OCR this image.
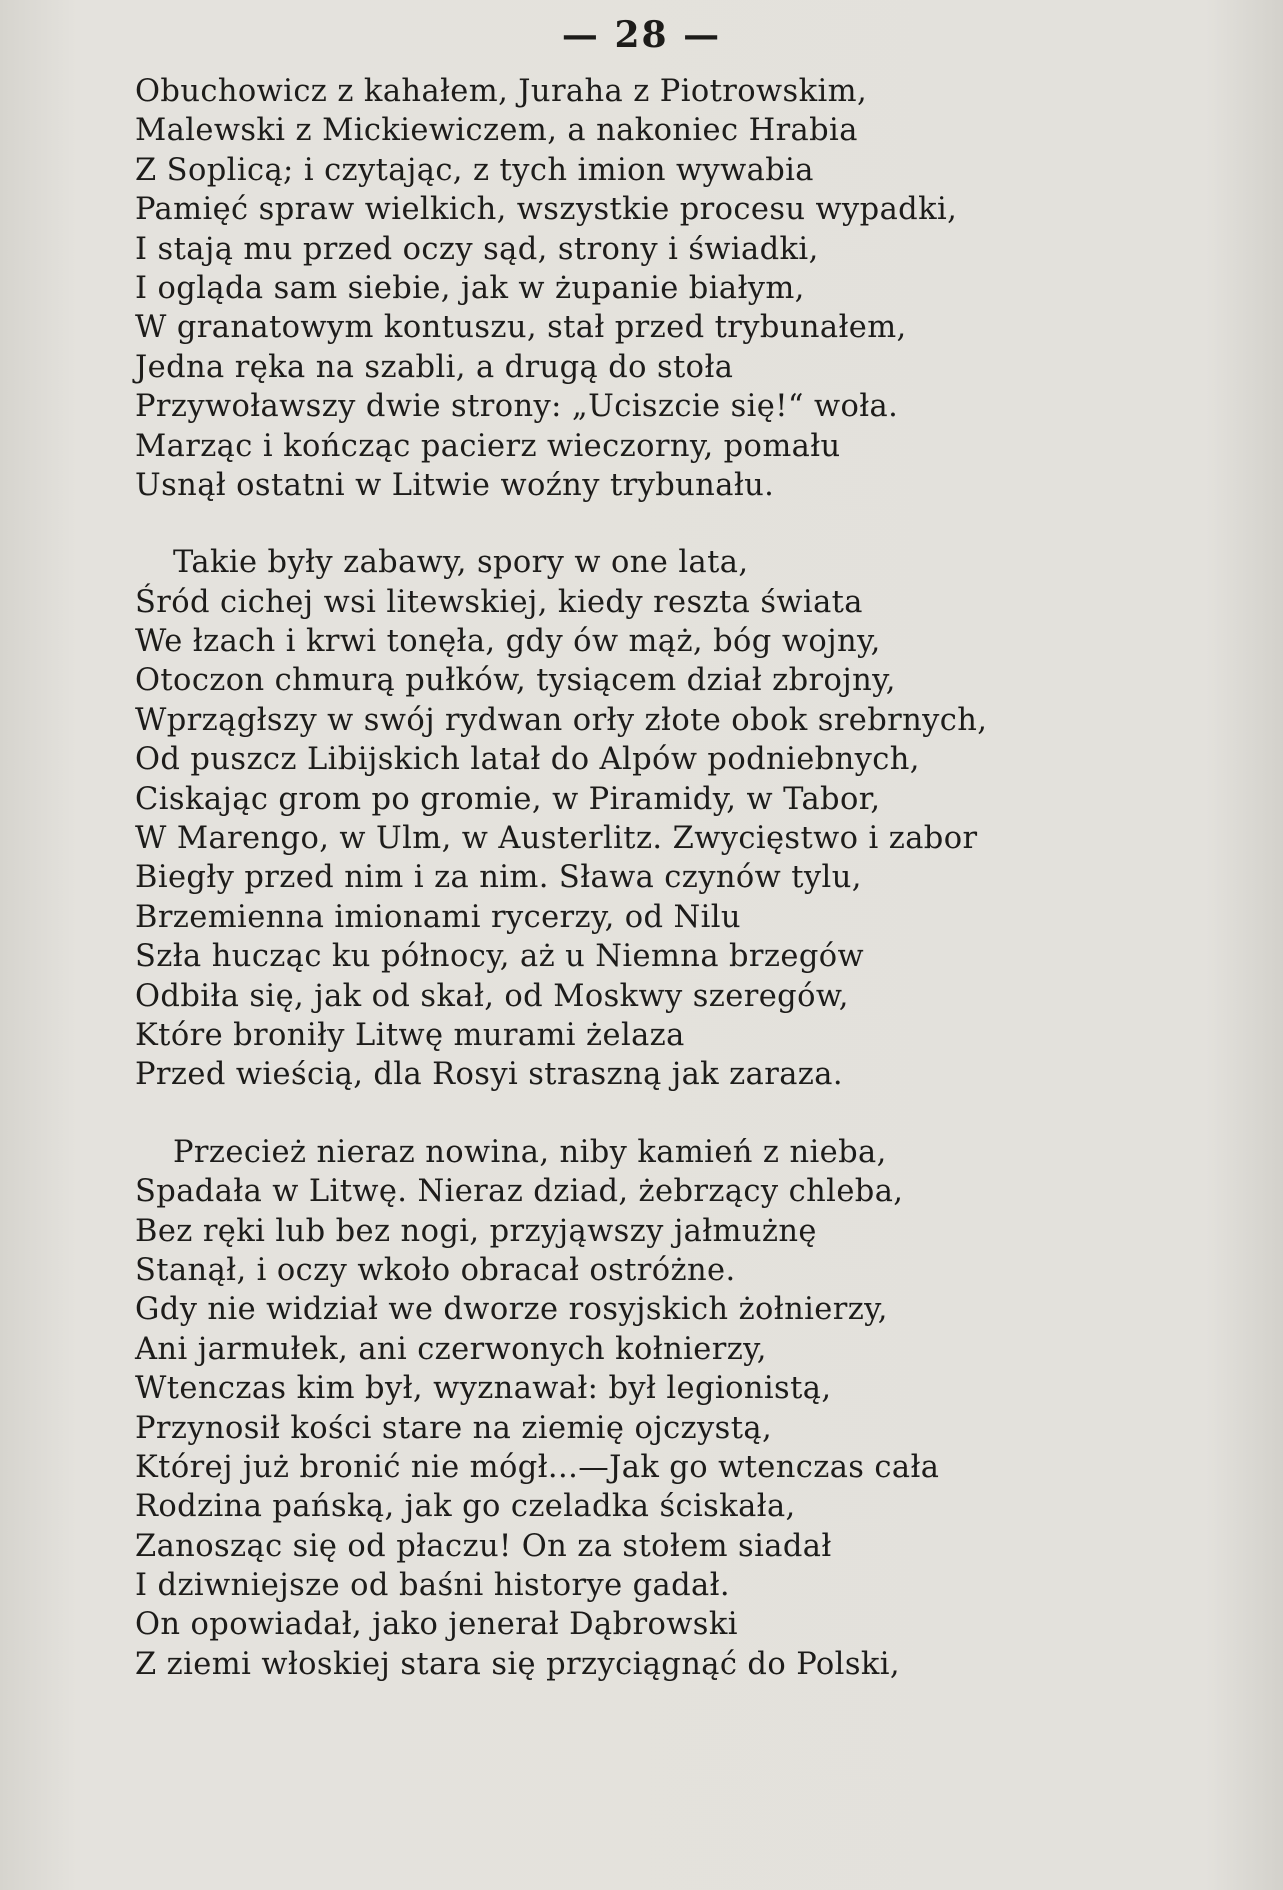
— 28 —
Obuchowicz z kahałem, Juraha z Piotrowskim,
Malewski z Mickiewiczem, a nakoniec Hrabia
Z Soplicą; i czytając, z tych imion wywabia
Pamięć spraw wielkich, wszystkie procesu wypadki,
I stają mu przed oczy sąd, strony i świadki,
I ogląda sam siebie, jak w żupanie białym,
W granatowym kontuszu, stał przed trybunałem,
Jedna ręka na szabli, a drugą do stoła
Przywoławszy dwie strony: „Uciszcie się!“ woła.
Marząc i kończąc pacierz wieczorny, pomału
Usnął ostatni w Litwie woźny trybunału.
Takie były zabawy, spory w one lata,
Śród cichej wsi litewskiej, kiedy reszta świata
We łzach i krwi tonęła, gdy ów mąż, bóg wojny,
Otoczon chmurą pułków, tysiącem dział zbrojny,
Wprzągłszy w swój rydwan orły złote obok srebrnych,
Od puszcz Libijskich latał do Alpów podniebnych,
Ciskając grom po gromie, w Piramidy, w Tabor,
W Marengo, w Ulm, w Austerlitz. Zwycięstwo i zabor
Biegły przed nim i za nim. Sława czynów tylu,
Brzemienna imionami rycerzy, od Nilu
Szła hucząc ku północy, aż u Niemna brzegów
Odbiła się, jak od skał, od Moskwy szeregów,
Które broniły Litwę murami żelaza
Przed wieścią, dla Rosyi straszną jak zaraza.
Przecież nieraz nowina, niby kamień z nieba,
Spadała w Litwę. Nieraz dziad, żebrzący chleba,
Bez ręki lub bez nogi, przyjąwszy jałmużnę
Stanął, i oczy wkoło obracał ostróżne.
Gdy nie widział we dworze rosyjskich żołnierzy,
Ani jarmułek, ani czerwonych kołnierzy,
Wtenczas kim był, wyznawał: był legionistą,
Przynosił kości stare na ziemię ojczystą,
Której już bronić nie mógł...—Jak go wtenczas cała
Rodzina pańską, jak go czeladka ściskała,
Zanosząc się od płaczu! On za stołem siadał
I dziwniejsze od baśni historye gadał.
On opowiadał, jako jenerał Dąbrowski
Z ziemi włoskiej stara się przyciągnąć do Polski,
